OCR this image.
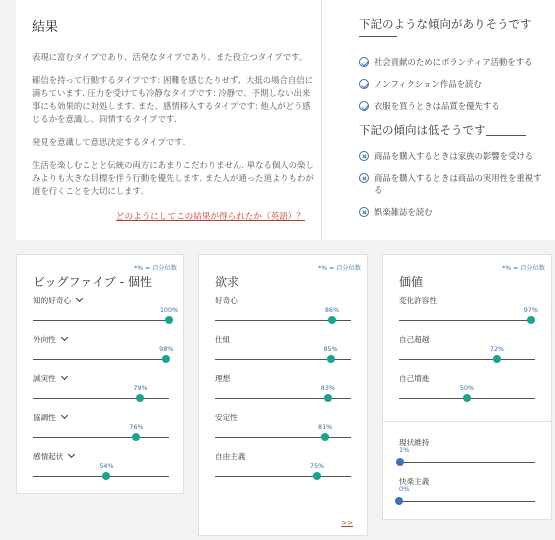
結果

表現に富むタイプであり、活発なタイプであり、また役立つタイプです。

確信を持って行動するタイプです: 困難を感じたりせず、大抵の場合自信に満ちています. 圧力を受けても冷静なタイプです: 冷静で、予期しない出来事にも効果的に対処します. また、感情移入するタイプです: 他人がどう感じるかを意識し、同情するタイプです.

発見を意識して意思決定するタイプです.

生活を楽しむことと伝統の両方にあまりこだわりません. 単なる個人の楽しみよりも大きな目標を伴う行動を優先します. また人が通った道よりもわが道を行くことを大切にします.

どのようにしてこの結果が得られたか（英語）？
下記のような傾向がありそうです
社会貢献のためにボランティア活動をする
ノンフィクション作品を読む
衣服を買うときは品質を優先する
下記の傾向は低そうです
商品を購入するときは家族の影響を受ける
商品を購入するときは商品の実用性を重視する
娯楽雑誌を読む
*% = 百分位数
ビッグファイブ - 個性
知的好奇心
100%
外向性
98%
誠実性
79%
協調性
76%
感情起伏
54%
*% = 百分位数
欲求
好奇心
86%
仕組
85%
理想
83%
安定性
81%
自由主義
75%
>>
*% = 百分位数
価値
変化許容性
97%
自己超越
72%
自己増進
50%
現状維持
1%
快楽主義
0%
